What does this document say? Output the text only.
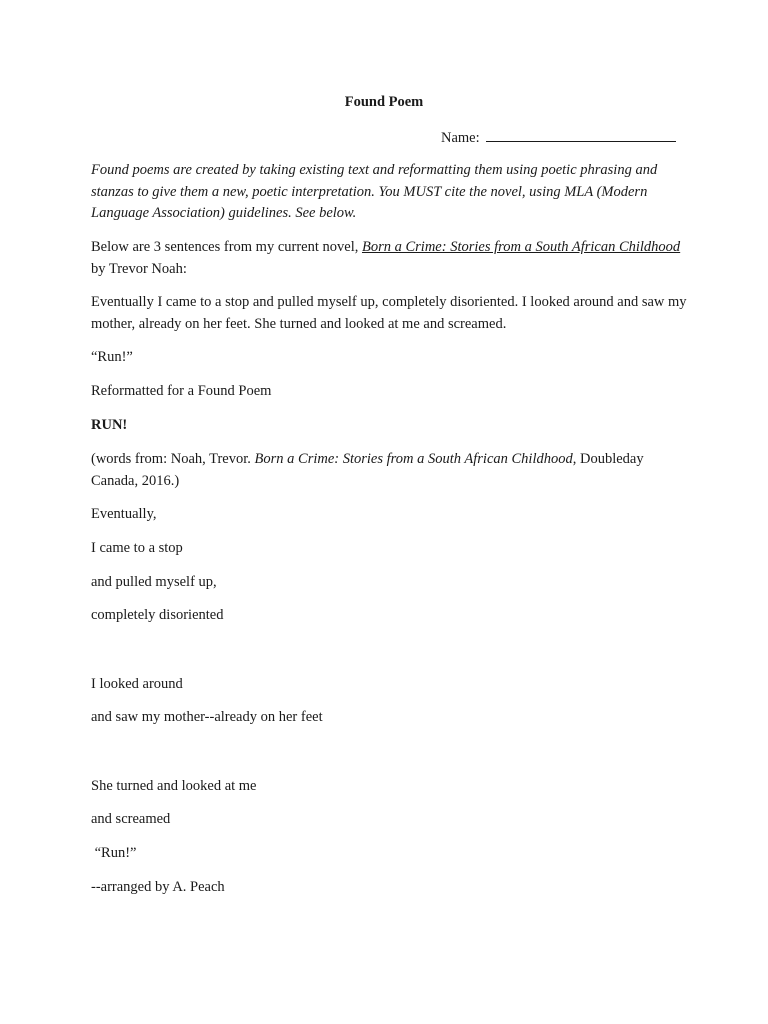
Found Poem
Name:
Found poems are created by taking existing text and reformatting them using poetic phrasing and stanzas to give them a new, poetic interpretation. You MUST cite the novel, using MLA (Modern Language Association) guidelines. See below.
Below are 3 sentences from my current novel, Born a Crime: Stories from a South African Childhood by Trevor Noah:
Eventually I came to a stop and pulled myself up, completely disoriented. I looked around and saw my mother, already on her feet. She turned and looked at me and screamed.
“Run!”
Reformatted for a Found Poem
RUN!
(words from: Noah, Trevor. Born a Crime: Stories from a South African Childhood, Doubleday Canada, 2016.)
Eventually,
I came to a stop
and pulled myself up,
completely disoriented
I looked around
and saw my mother--already on her feet
She turned and looked at me
and screamed
“Run!”
--arranged by A. Peach
